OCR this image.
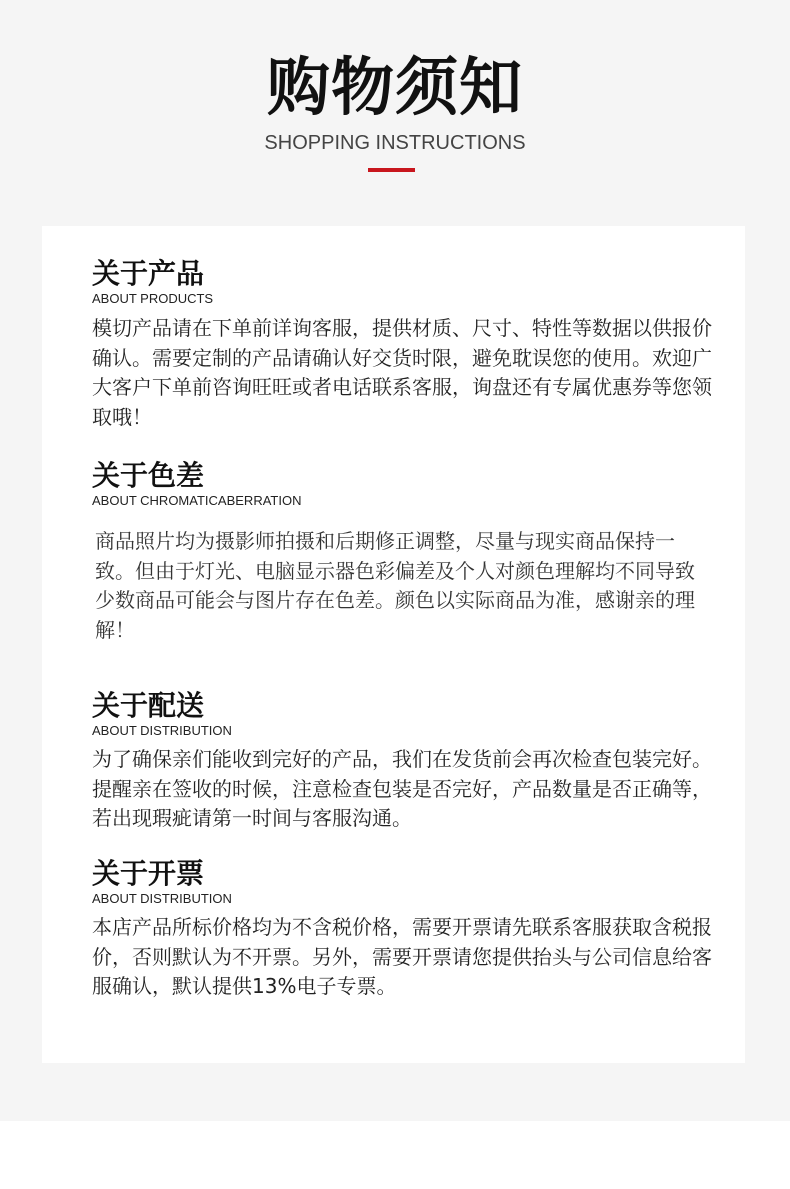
购物须知
SHOPPING INSTRUCTIONS
关于产品
ABOUT PRODUCTS

模切产品请在下单前详询客服，提供材质、尺寸、特性等数据以供报价确认。需要定制的产品请确认好交货时限，避免耽误您的使用。欢迎广大客户下单前咨询旺旺或者电话联系客服，询盘还有专属优惠券等您领取哦！

关于色差
ABOUT CHROMATICABERRATION

商品照片均为摄影师拍摄和后期修正调整，尽量与现实商品保持一致。但由于灯光、电脑显示器色彩偏差及个人对颜色理解均不同导致少数商品可能会与图片存在色差。颜色以实际商品为准，感谢亲的理解！

关于配送
ABOUT DISTRIBUTION

为了确保亲们能收到完好的产品，我们在发货前会再次检查包装完好。提醒亲在签收的时候，注意检查包装是否完好，产品数量是否正确等，若出现瑕疵请第一时间与客服沟通。

关于开票
ABOUT DISTRIBUTION

本店产品所标价格均为不含税价格，需要开票请先联系客服获取含税报价，否则默认为不开票。另外，需要开票请您提供抬头与公司信息给客服确认，默认提供13%电子专票。
